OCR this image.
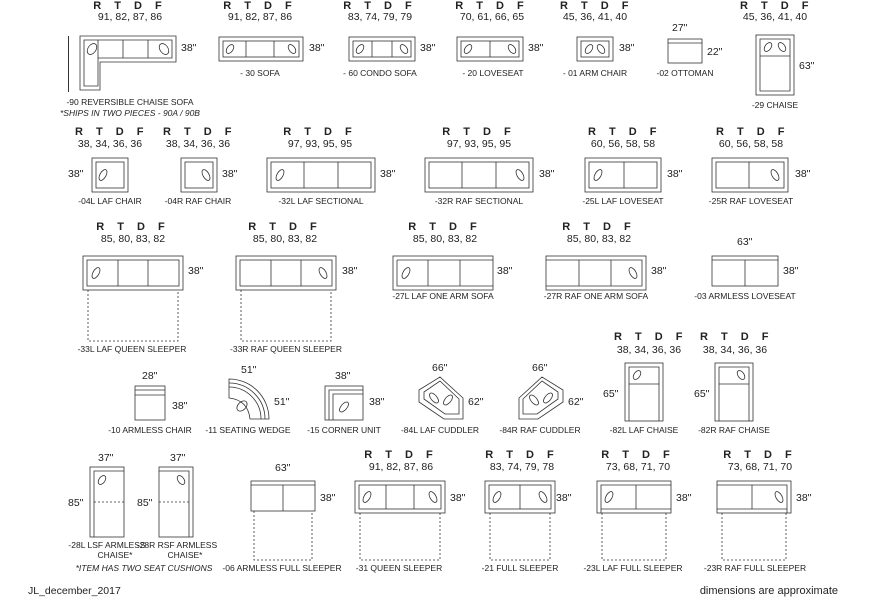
R T D F
91, 82, 87, 86
38"
-90 REVERSIBLE CHAISE SOFA
*SHIPS IN TWO PIECES - 90A / 90B
R T D F
91, 82, 87, 86
38"
- 30 SOFA
R T D F
83, 74, 79, 79
38"
- 60 CONDO SOFA
R T D F
70, 61, 66, 65
38"
- 20 LOVESEAT
R T D F
45, 36, 41, 40
38"
- 01 ARM CHAIR
27"
22"
-02 OTTOMAN
R T D F
45, 36, 41, 40
63"
-29 CHAISE
R T D F
38, 34, 36, 36
38"
-04L LAF CHAIR
R T D F
38, 34, 36, 36
38"
-04R RAF CHAIR
R T D F
97, 93, 95, 95
38"
-32L LAF SECTIONAL
R T D F
97, 93, 95, 95
38"
-32R RAF SECTIONAL
R T D F
60, 56, 58, 58
38"
-25L LAF LOVESEAT
R T D F
60, 56, 58, 58
38"
-25R RAF LOVESEAT
R T D F
85, 80, 83, 82
38"
-33L LAF QUEEN SLEEPER
R T D F
85, 80, 83, 82
38"
-33R RAF QUEEN SLEEPER
R T D F
85, 80, 83, 82
38"
-27L LAF ONE ARM SOFA
R T D F
85, 80, 83, 82
38"
-27R RAF ONE ARM SOFA
63"
38"
-03 ARMLESS LOVESEAT
28"
38"
-10 ARMLESS CHAIR
51"
51"
-11 SEATING WEDGE
38"
38"
-15 CORNER UNIT
66"
62"
-84L LAF CUDDLER
66"
62"
-84R RAF CUDDLER
R T D F
38, 34, 36, 36
65"
-82L LAF CHAISE
R T D F
38, 34, 36, 36
65"
-82R RAF CHAISE
37"
85"
-28L LSF ARMLESS
CHAISE*
37"
85"
-28R RSF ARMLESS
CHAISE*
*ITEM HAS TWO SEAT CUSHIONS
63"
38"
-06 ARMLESS FULL SLEEPER
R T D F
91, 82, 87, 86
38"
-31 QUEEN SLEEPER
R T D F
83, 74, 79, 78
38"
-21 FULL SLEEPER
R T D F
73, 68, 71, 70
38"
-23L LAF FULL SLEEPER
R T D F
73, 68, 71, 70
38"
-23R RAF FULL SLEEPER
JL_december_2017	dimensions are approximate
